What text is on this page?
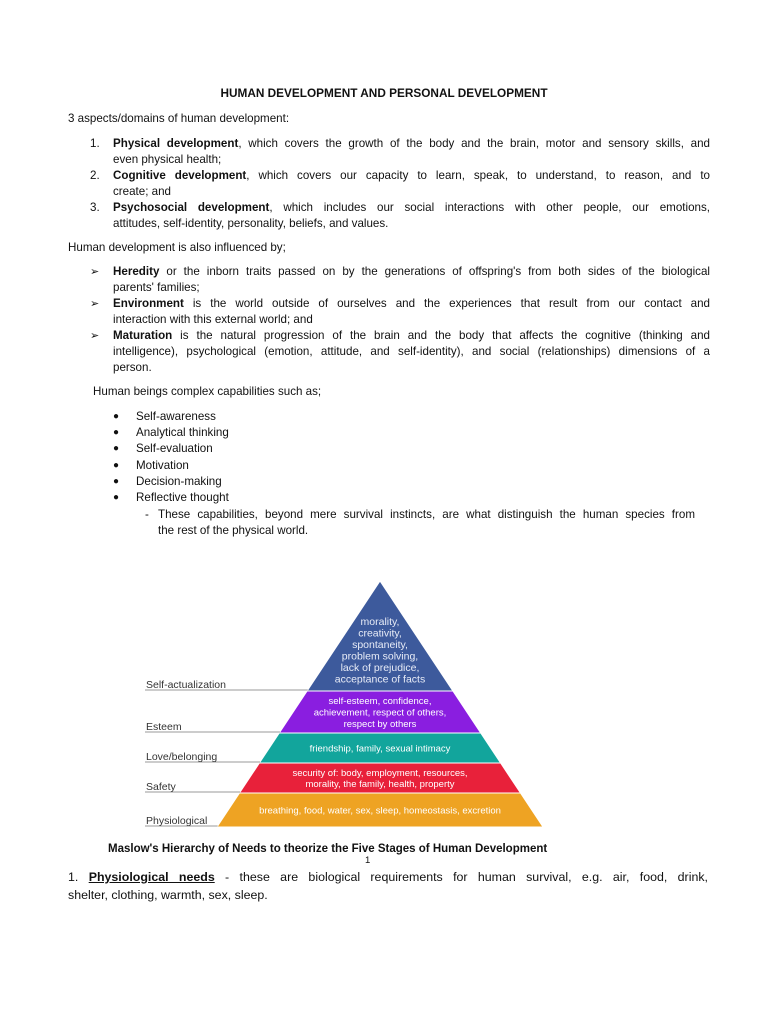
HUMAN DEVELOPMENT AND PERSONAL DEVELOPMENT
3 aspects/domains of human development:
1.	Physical development, which covers the growth of the body and the brain, motor and sensory skills, and
even physical health;
2.	Cognitive development, which covers our capacity to learn, speak, to understand, to reason, and to
create; and
3.	Psychosocial development, which includes our social interactions with other people, our emotions,
attitudes, self-identity, personality, beliefs, and values.
Human development is also influenced by;
➢ Heredity or the inborn traits passed on by the generations of offspring's from both sides of the biological
parents' families;
➢ Environment is the world outside of ourselves and the experiences that result from our contact and
interaction with this external world; and
➢ Maturation is the natural progression of the brain and the body that affects the cognitive (thinking and
intelligence), psychological (emotion, attitude, and self-identity), and social (relationships) dimensions of a
person.
Human beings complex capabilities such as;
● Self-awareness
● Analytical thinking
● Self-evaluation
● Motivation
● Decision-making
● Reflective thought
- These capabilities, beyond mere survival instincts, are what distinguish the human species from
the rest of the physical world.
Self-actualization
morality,
creativity,
spontaneity,
problem solving,
lack of prejudice,
acceptance of facts
Esteem
self-esteem, confidence,
achievement, respect of others,
respect by others
Love/belonging
friendship, family, sexual intimacy
Safety
security of: body, employment, resources,
morality, the family, health, property
Physiological
breathing, food, water, sex, sleep, homeostasis, excretion
Maslow's Hierarchy of Needs to theorize the Five Stages of Human Development
1
1. Physiological needs - these are biological requirements for human survival, e.g. air, food, drink,
shelter, clothing, warmth, sex, sleep.
